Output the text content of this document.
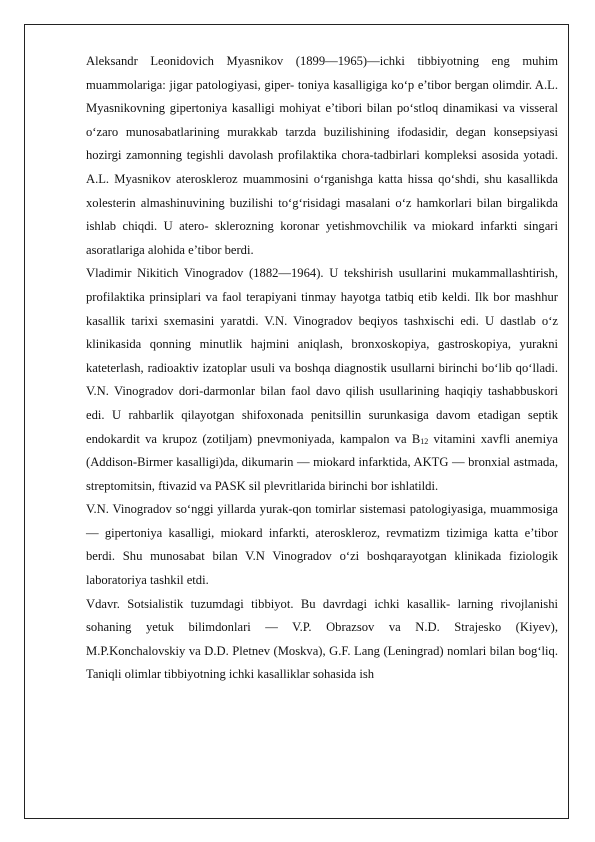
Aleksandr Leonidovich Myasnikov (1899—1965)—ichki tibbiyotning eng muhim muammolariga: jigar patologiyasi, giper- toniya kasalligiga ko‘p e’tibor bergan olimdir. A.L. Myasnikovning gipertoniya kasalligi mohiyat e’tibori bilan po‘stloq dinamikasi va visseral o‘zaro munosabatlarining murakkab tarzda buzilishining ifodasidir, degan konsepsiyasi hozirgi zamonning tegishli davolash profilaktika chora-tadbirlari kompleksi asosida yotadi. A.L. Myasnikov ateroskleroz muammosini o‘rganishga katta hissa qo‘shdi, shu kasallikda xolesterin almashinuvining buzilishi to‘g‘risidagi masalani o‘z hamkorlari bilan birgalikda ishlab chiqdi. U atero- sklerozning koronar yetishmovchilik va miokard infarkti singari asoratlariga alohida e’tibor berdi.

Vladimir Nikitich Vinogradov (1882—1964). U tekshirish usullarini mukammallashtirish, profilaktika prinsiplari va faol terapiyani tinmay hayotga tatbiq etib keldi. Ilk bor mashhur kasallik tarixi sxemasini yaratdi. V.N. Vinogradov beqiyos tashxischi edi. U dastlab o‘z klinikasida qonning minutlik hajmini aniqlash, bronxoskopiya, gastroskopiya, yurakni kateterlash, radioaktiv izatoplar usuli va boshqa diagnostik usullarni birinchi bo‘lib qo‘lladi. V.N. Vinogradov dori-darmonlar bilan faol davo qilish usullarining haqiqiy tashabbuskori edi. U rahbarlik qilayotgan shifoxonada penitsillin surunkasiga davom etadigan septik endokardit va krupoz (zotiljam) pnevmoniyada, kampalon va $B_{12}$ vitamini xavfli anemiya (Addison-Birmer kasalligi)da, dikumarin — miokard infarktida, AKTG — bronxial astmada, streptomitsin, ftivazid va PASK sil plevritlarida birinchi bor ishlatildi.

V.N. Vinogradov so‘nggi yillarda yurak-qon tomirlar sistemasi patologiyasiga, muammosiga — gipertoniya kasalligi, miokard infarkti, ateroskleroz, revmatizm tizimiga katta e’tibor berdi. Shu munosabat bilan V.N Vinogradov o‘zi boshqarayotgan klinikada fiziologik laboratoriya tashkil etdi.

Vdavr. Sotsialistik tuzumdagi tibbiyot. Bu davrdagi ichki kasallik- larning rivojlanishi sohaning yetuk bilimdonlari — V.P. Obrazsov va N.D. Strajesko (Kiyev), M.P.Konchalovskiy va D.D. Pletnev (Moskva), G.F. Lang (Leningrad) nomlari bilan bog‘liq. Taniqli olimlar tibbiyotning ichki kasalliklar sohasida ish
